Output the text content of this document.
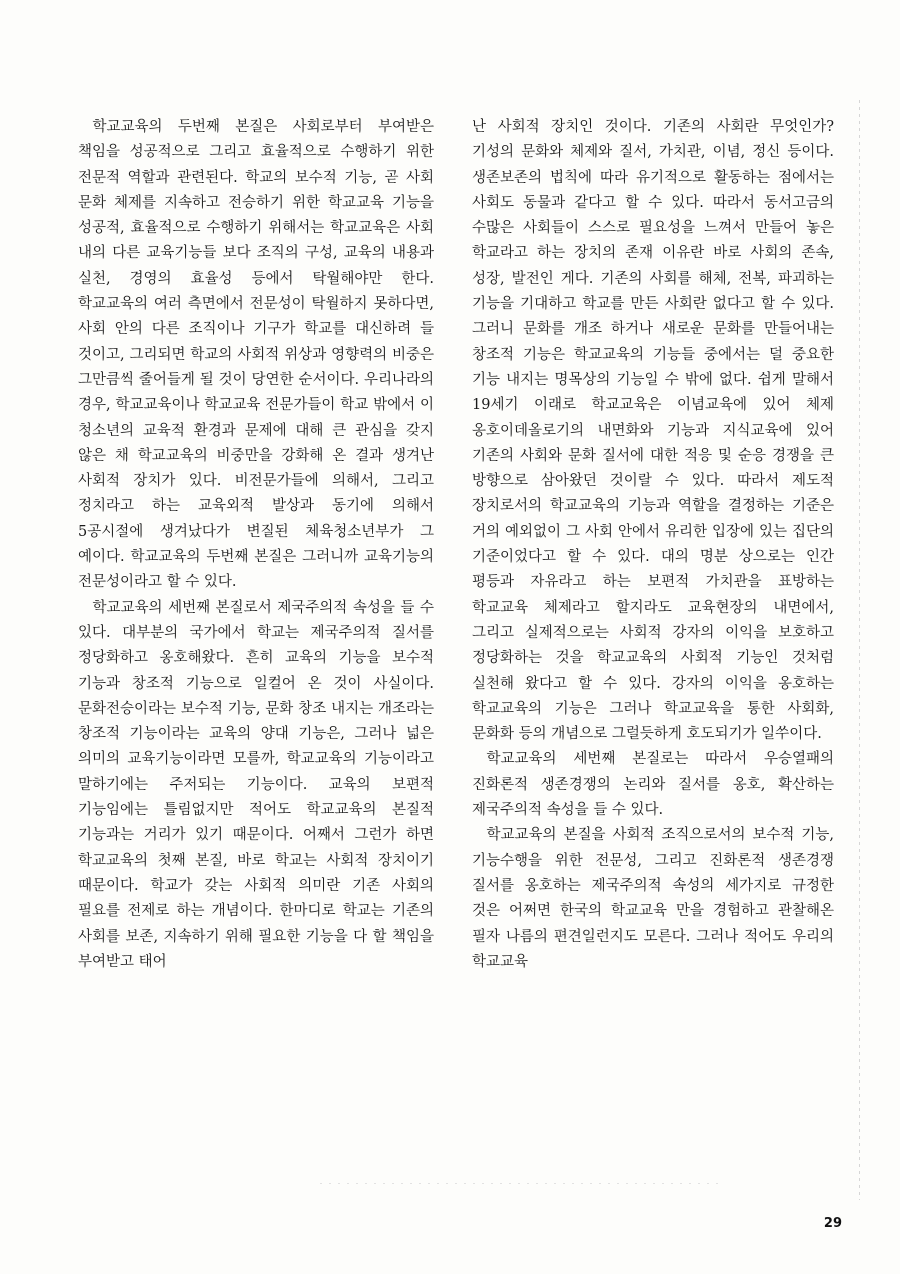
학교교육의 두번째 본질은 사회로부터 부여받은 책임을 성공적으로 그리고 효율적으로 수행하기 위한 전문적 역할과 관련된다. 학교의 보수적 기능, 곧 사회 문화 체제를 지속하고 전승하기 위한 학교교육 기능을 성공적, 효율적으로 수행하기 위해서는 학교교육은 사회 내의 다른 교육기능들 보다 조직의 구성, 교육의 내용과 실천, 경영의 효율성 등에서 탁월해야만 한다. 학교교육의 여러 측면에서 전문성이 탁월하지 못하다면, 사회 안의 다른 조직이나 기구가 학교를 대신하려 들 것이고, 그리되면 학교의 사회적 위상과 영향력의 비중은 그만큼씩 줄어들게 될 것이 당연한 순서이다. 우리나라의 경우, 학교교육이나 학교교육 전문가들이 학교 밖에서 이 청소년의 교육적 환경과 문제에 대해 큰 관심을 갖지 않은 채 학교교육의 비중만을 강화해 온 결과 생겨난 사회적 장치가 있다. 비전문가들에 의해서, 그리고 정치라고 하는 교육외적 발상과 동기에 의해서 5공시절에 생겨났다가 변질된 체육청소년부가 그 예이다. 학교교육의 두번째 본질은 그러니까 교육기능의 전문성이라고 할 수 있다.

학교교육의 세번째 본질로서 제국주의적 속성을 들 수 있다. 대부분의 국가에서 학교는 제국주의적 질서를 정당화하고 옹호해왔다. 흔히 교육의 기능을 보수적 기능과 창조적 기능으로 일컬어 온 것이 사실이다. 문화전승이라는 보수적 기능, 문화 창조 내지는 개조라는 창조적 기능이라는 교육의 양대 기능은, 그러나 넓은 의미의 교육기능이라면 모를까, 학교교육의 기능이라고 말하기에는 주저되는 기능이다. 교육의 보편적 기능임에는 틀림없지만 적어도 학교교육의 본질적 기능과는 거리가 있기 때문이다. 어째서 그런가 하면 학교교육의 첫째 본질, 바로 학교는 사회적 장치이기 때문이다. 학교가 갖는 사회적 의미란 기존 사회의 필요를 전제로 하는 개념이다. 한마디로 학교는 기존의 사회를 보존, 지속하기 위해 필요한 기능을 다 할 책임을 부여받고 태어

난 사회적 장치인 것이다. 기존의 사회란 무엇인가? 기성의 문화와 체제와 질서, 가치관, 이념, 정신 등이다. 생존보존의 법칙에 따라 유기적으로 활동하는 점에서는 사회도 동물과 같다고 할 수 있다. 따라서 동서고금의 수많은 사회들이 스스로 필요성을 느껴서 만들어 놓은 학교라고 하는 장치의 존재 이유란 바로 사회의 존속, 성장, 발전인 게다. 기존의 사회를 해체, 전복, 파괴하는 기능을 기대하고 학교를 만든 사회란 없다고 할 수 있다. 그러니 문화를 개조 하거나 새로운 문화를 만들어내는 창조적 기능은 학교교육의 기능들 중에서는 덜 중요한 기능 내지는 명목상의 기능일 수 밖에 없다. 쉽게 말해서 19세기 이래로 학교교육은 이념교육에 있어 체제 옹호이데올로기의 내면화와 기능과 지식교육에 있어 기존의 사회와 문화 질서에 대한 적응 및 순응 경쟁을 큰 방향으로 삼아왔던 것이랄 수 있다. 따라서 제도적 장치로서의 학교교육의 기능과 역할을 결정하는 기준은 거의 예외없이 그 사회 안에서 유리한 입장에 있는 집단의 기준이었다고 할 수 있다. 대의 명분 상으로는 인간 평등과 자유라고 하는 보편적 가치관을 표방하는 학교교육 체제라고 할지라도 교육현장의 내면에서, 그리고 실제적으로는 사회적 강자의 이익을 보호하고 정당화하는 것을 학교교육의 사회적 기능인 것처럼 실천해 왔다고 할 수 있다. 강자의 이익을 옹호하는 학교교육의 기능은 그러나 학교교육을 통한 사회화, 문화화 등의 개념으로 그럴듯하게 호도되기가 일쑤이다.

학교교육의 세번째 본질로는 따라서 우승열패의 진화론적 생존경쟁의 논리와 질서를 옹호, 확산하는 제국주의적 속성을 들 수 있다.

학교교육의 본질을 사회적 조직으로서의 보수적 기능, 기능수행을 위한 전문성, 그리고 진화론적 생존경쟁 질서를 옹호하는 제국주의적 속성의 세가지로 규정한 것은 어쩌면 한국의 학교교육 만을 경험하고 관찰해온 필자 나름의 편견일런지도 모른다. 그러나 적어도 우리의 학교교육

29
